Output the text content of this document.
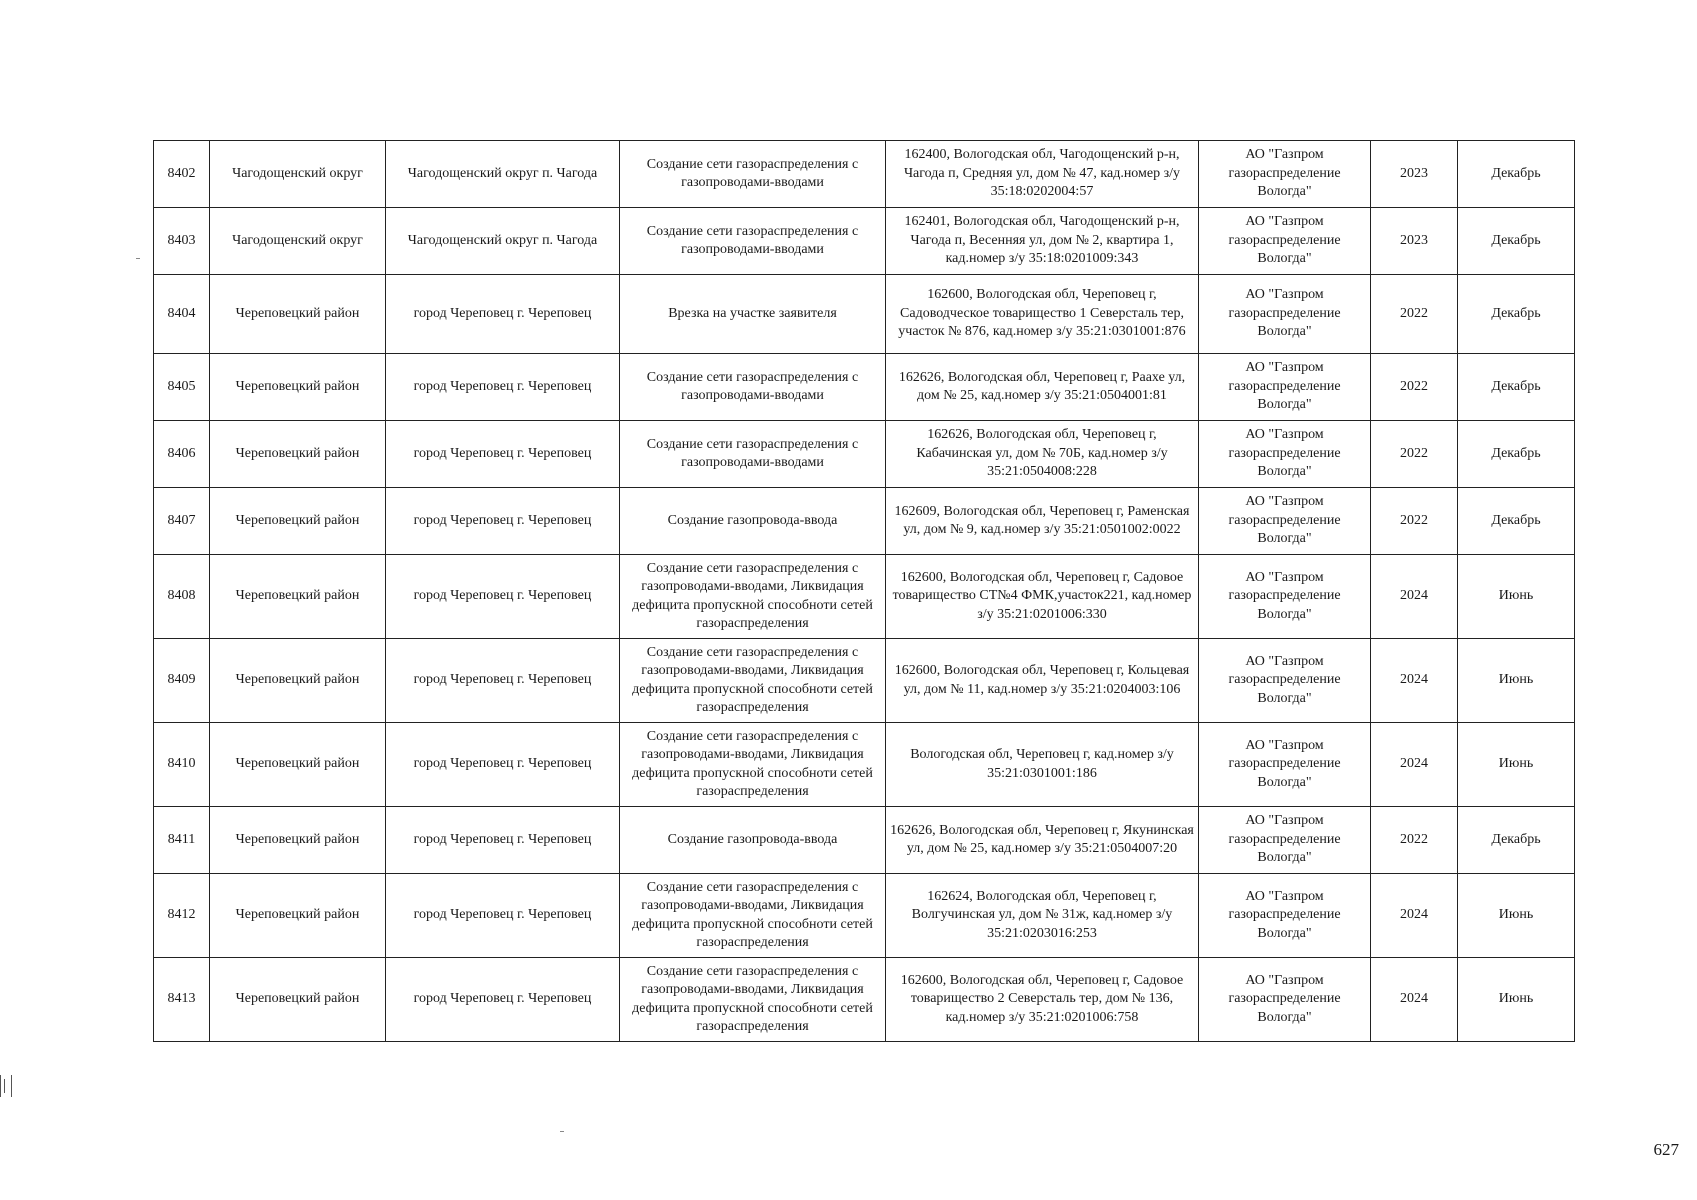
8402	Чагодощенский округ	Чагодощенский округ п. Чагода	Создание сети газораспределения с газопроводами-вводами	162400, Вологодская обл, Чагодощенский р-н, Чагода п, Средняя ул, дом № 47, кад.номер з/у 35:18:0202004:57	АО "Газпром газораспределение Вологда"	2023	Декабрь
8403	Чагодощенский округ	Чагодощенский округ п. Чагода	Создание сети газораспределения с газопроводами-вводами	162401, Вологодская обл, Чагодощенский р-н, Чагода п, Весенняя ул, дом № 2, квартира 1, кад.номер з/у 35:18:0201009:343	АО "Газпром газораспределение Вологда"	2023	Декабрь
8404	Череповецкий район	город Череповец г. Череповец	Врезка на участке заявителя	162600, Вологодская обл, Череповец г, Садоводческое товарищество 1 Северсталь тер, участок № 876, кад.номер з/у 35:21:0301001:876	АО "Газпром газораспределение Вологда"	2022	Декабрь
8405	Череповецкий район	город Череповец г. Череповец	Создание сети газораспределения с газопроводами-вводами	162626, Вологодская обл, Череповец г, Раахе ул, дом № 25, кад.номер з/у 35:21:0504001:81	АО "Газпром газораспределение Вологда"	2022	Декабрь
8406	Череповецкий район	город Череповец г. Череповец	Создание сети газораспределения с газопроводами-вводами	162626, Вологодская обл, Череповец г, Кабачинская ул, дом № 70Б, кад.номер з/у 35:21:0504008:228	АО "Газпром газораспределение Вологда"	2022	Декабрь
8407	Череповецкий район	город Череповец г. Череповец	Создание газопровода-ввода	162609, Вологодская обл, Череповец г, Раменская ул, дом № 9, кад.номер з/у 35:21:0501002:0022	АО "Газпром газораспределение Вологда"	2022	Декабрь
8408	Череповецкий район	город Череповец г. Череповец	Создание сети газораспределения с газопроводами-вводами, Ликвидация дефицита пропускной способноти сетей газораспределения	162600, Вологодская обл, Череповец г, Садовое товарищество СТ№4 ФМК,участок221, кад.номер з/у 35:21:0201006:330	АО "Газпром газораспределение Вологда"	2024	Июнь
8409	Череповецкий район	город Череповец г. Череповец	Создание сети газораспределения с газопроводами-вводами, Ликвидация дефицита пропускной способноти сетей газораспределения	162600, Вологодская обл, Череповец г, Кольцевая ул, дом № 11, кад.номер з/у 35:21:0204003:106	АО "Газпром газораспределение Вологда"	2024	Июнь
8410	Череповецкий район	город Череповец г. Череповец	Создание сети газораспределения с газопроводами-вводами, Ликвидация дефицита пропускной способноти сетей газораспределения	Вологодская обл, Череповец г, кад.номер з/у 35:21:0301001:186	АО "Газпром газораспределение Вологда"	2024	Июнь
8411	Череповецкий район	город Череповец г. Череповец	Создание газопровода-ввода	162626, Вологодская обл, Череповец г, Якунинская ул, дом № 25, кад.номер з/у 35:21:0504007:20	АО "Газпром газораспределение Вологда"	2022	Декабрь
8412	Череповецкий район	город Череповец г. Череповец	Создание сети газораспределения с газопроводами-вводами, Ликвидация дефицита пропускной способноти сетей газораспределения	162624, Вологодская обл, Череповец г, Волгучинская ул, дом № 31ж, кад.номер з/у 35:21:0203016:253	АО "Газпром газораспределение Вологда"	2024	Июнь
8413	Череповецкий район	город Череповец г. Череповец	Создание сети газораспределения с газопроводами-вводами, Ликвидация дефицита пропускной способноти сетей газораспределения	162600, Вологодская обл, Череповец г, Садовое товарищество 2 Северсталь тер, дом № 136, кад.номер з/у 35:21:0201006:758	АО "Газпром газораспределение Вологда"	2024	Июнь
627
